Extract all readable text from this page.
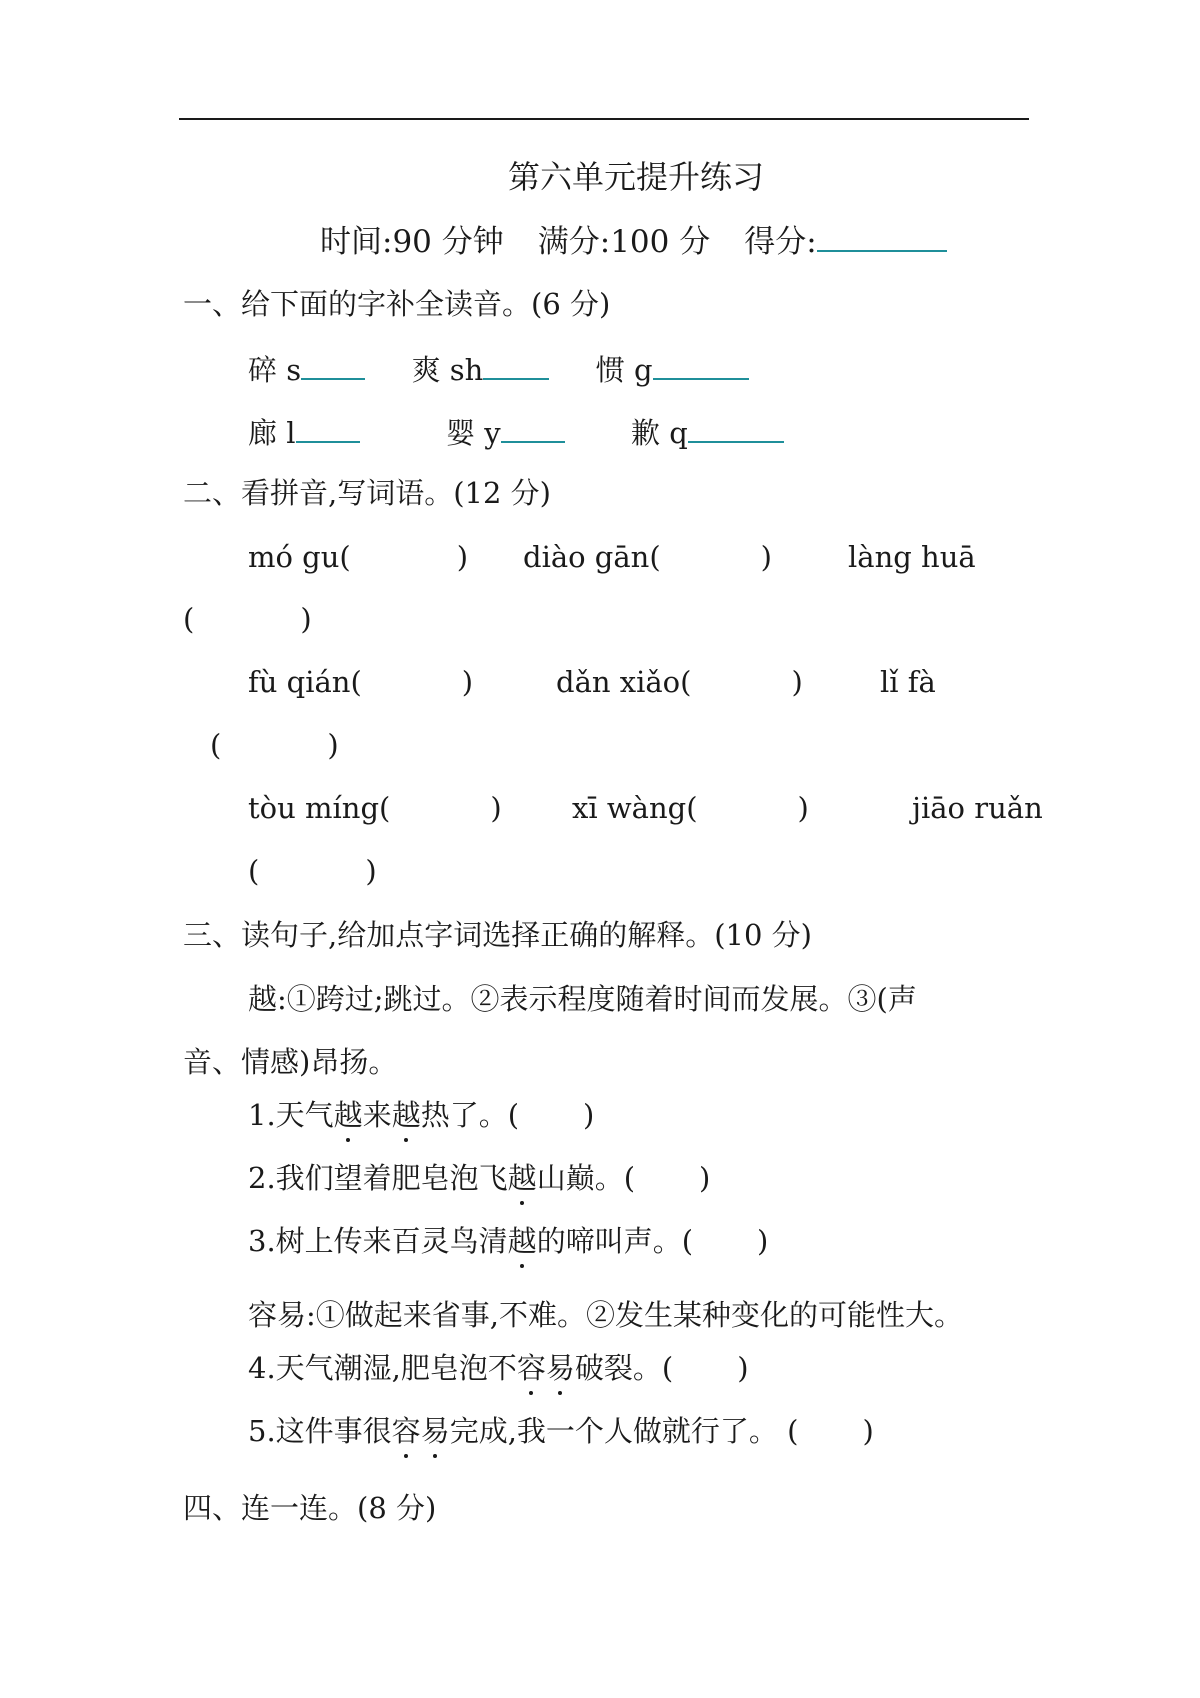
第六单元提升练习
时间:90 分钟 满分:100 分 得分:
一、给下面的字补全读音。(6 分)
碎 s	爽 sh	惯 g
廊 l	婴 y	歉 q
二、看拼音,写词语。(12 分)
mó gu(	) diào gān(	)	làng huā
(	)
fù qián(	)	dǎn xiǎo(	)	lǐ fà
(	)
tòu míng(	) xī wàng(	)	jiāo ruǎn
(	)
三、读句子,给加点字词选择正确的解释。(10 分)
越:①跨过;跳过。②表示程度随着时间而发展。③(声
音、情感)昂扬。
1.天气越来越热了。( )
2.我们望着肥皂泡飞越山巅。( )
3.树上传来百灵鸟清越的啼叫声。( )
容易:①做起来省事,不难。②发生某种变化的可能性大。
4.天气潮湿,肥皂泡不容易破裂。( )
5.这件事很容易完成,我一个人做就行了。 ( )
四、连一连。(8 分)
